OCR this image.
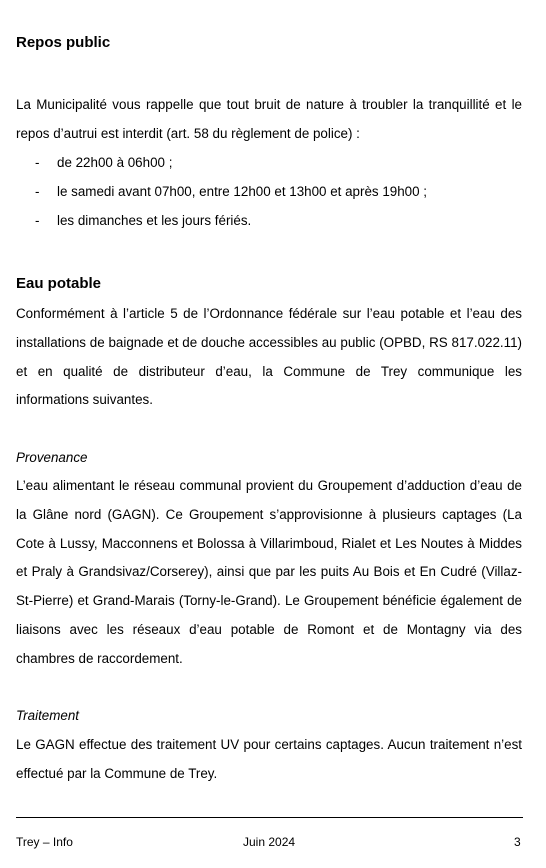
Repos public

La Municipalité vous rappelle que tout bruit de nature à troubler la tranquillité et le repos d’autrui est interdit (art. 58 du règlement de police) :

- de 22h00 à 06h00 ;
- le samedi avant 07h00, entre 12h00 et 13h00 et après 19h00 ;
- les dimanches et les jours fériés.
Eau potable

Conformément à l’article 5 de l’Ordonnance fédérale sur l’eau potable et l’eau des installations de baignade et de douche accessibles au public (OPBD, RS 817.022.11) et en qualité de distributeur d’eau, la Commune de Trey communique les informations suivantes.

Provenance

L’eau alimentant le réseau communal provient du Groupement d’adduction d’eau de la Glâne nord (GAGN). Ce Groupement s’approvisionne à plusieurs captages (La Cote à Lussy, Macconnens et Bolossa à Villarimboud, Rialet et Les Noutes à Middes et Praly à Grandsivaz/Corserey), ainsi que par les puits Au Bois et En Cudré (Villaz-St-Pierre) et Grand-Marais (Torny-le-Grand). Le Groupement bénéficie également de liaisons avec les réseaux d’eau potable de Romont et de Montagny via des chambres de raccordement.

Traitement

Le GAGN effectue des traitement UV pour certains captages. Aucun traitement n’est effectué par la Commune de Trey.

Trey – Info	Juin 2024	3
